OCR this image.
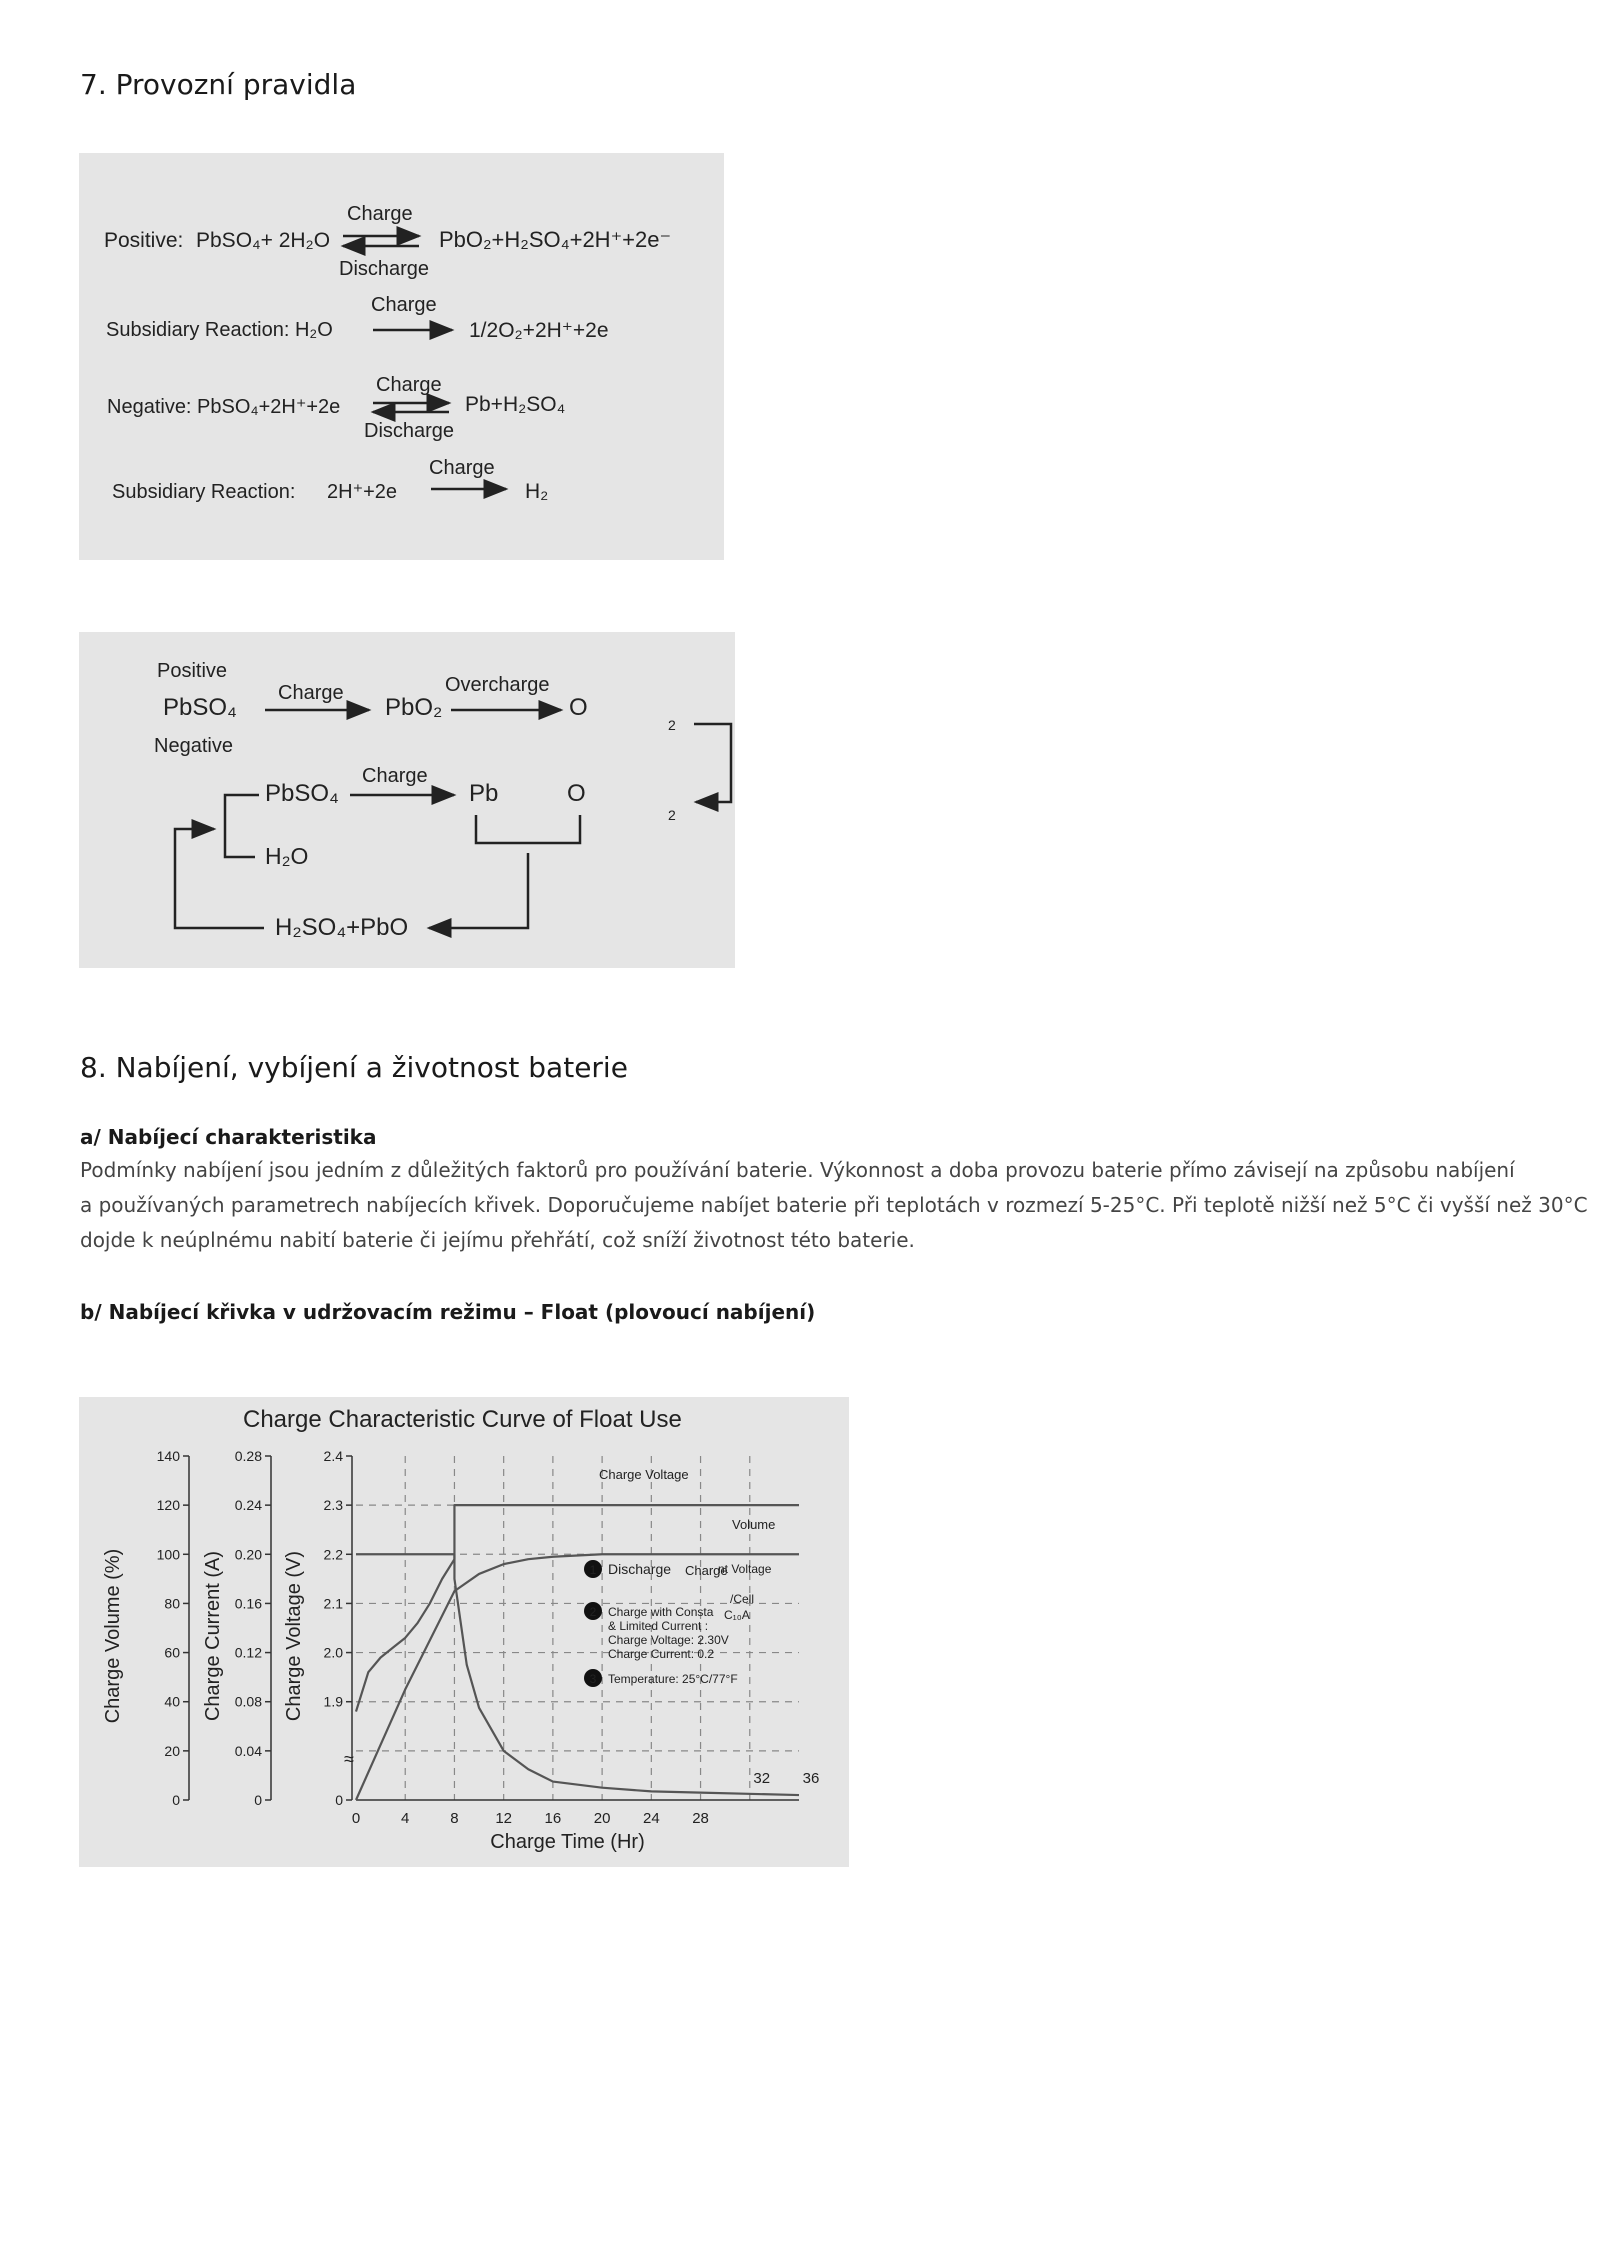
7. Provozní pravidla
Positive: PbSO₄+ 2H₂O
Charge
Discharge
PbO₂+H₂SO₄+2H⁺+2e⁻
Subsidiary Reaction: H₂O
Charge
1/2O₂+2H⁺+2e
Negative: PbSO₄+2H⁺+2e
Charge
Discharge
Pb+H₂SO₄
Subsidiary Reaction: 2H⁺+2e
Charge
H₂
Positive
PbSO₄
Negative
Charge
PbO₂
Overcharge
O
2
PbSO₄
Charge
Pb	O
2
H₂SO₄+PbO
H₂O
8. Nabíjení, vybíjení a životnost baterie
a/ Nabíjecí charakteristika
Podmínky nabíjení jsou jedním z důležitých faktorů pro používání baterie. Výkonnost a doba provozu baterie přímo závisejí na způsobu nabíjení
a používaných parametrech nabíjecích křivek. Doporučujeme nabíjet baterie při teplotách v rozmezí 5-25°C. Při teplotě nižší než 5°C či vyšší než 30°C
dojde k neúplnému nabití baterie či jejímu přehřátí, což sníží životnost této baterie.
b/ Nabíjecí křivka v udržovacím režimu – Float (plovoucí nabíjení)
Charge Characteristic Curve of Float Use
0
20
40
60
80
100
120
140
Charge Volume (%)
0
0.04
0.08
0.12
0.16
0.20
0.24
0.28
Charge Current (A)
0
1.9
2.0
2.1
2.2
2.3
2.4
Charge Voltage (V)
≈
0	4	8 12 16 20 24 28
32 36
Charge Time (Hr)
Charge Voltage
Volume
Charge
1 Discharge
2 Charge with Consta
& Limited Current :
Charge Voltage: 2.30V
Charge Current: 0.2
3 Temperature: 25°C/77°F
nt Voltage
/Cell
C₁₀A
